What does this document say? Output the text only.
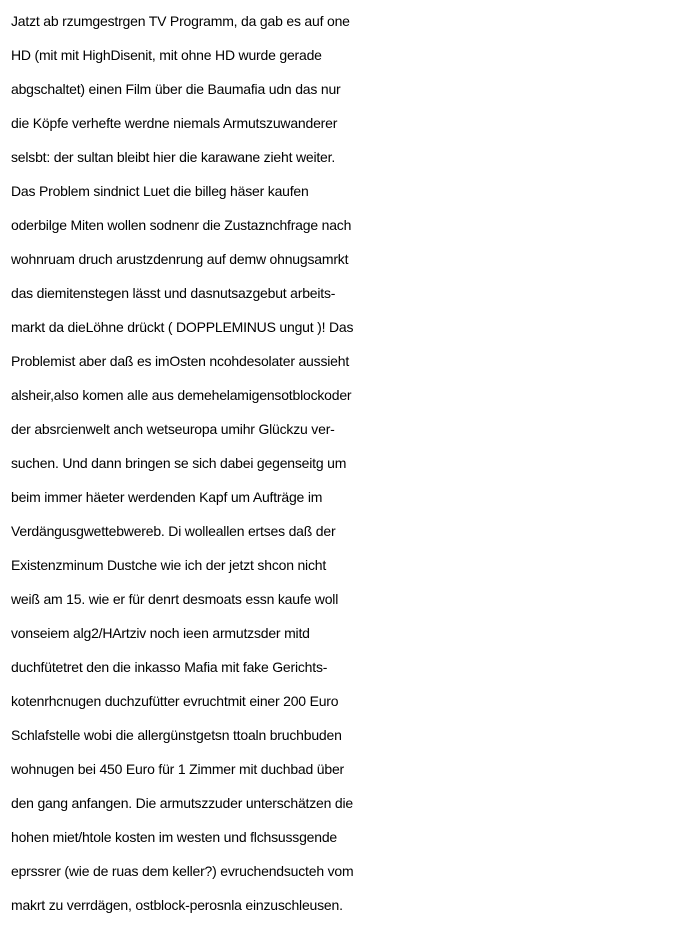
Jatzt ab rzumgestrgen TV Programm, da gab es auf one
HD (mit mit HighDisenit, mit ohne HD wurde gerade
abgschaltet) einen Film über die Baumafia udn das nur
die Köpfe verhefte werdne niemals Armutszuwanderer
selsbt: der sultan bleibt hier die karawane zieht weiter.
Das Problem sindnict Luet die billeg häser kaufen
oderbilge Miten wollen sodnenr die Zustaznchfrage nach
wohnruam druch arustzdenrung auf demw ohnugsamrkt
das diemitenstegen lässt und dasnutsazgebut arbeits-
markt da dieLöhne drückt ( DOPPLEMINUS ungut )! Das
Problemist aber daß es imOsten ncohdesolater aussieht
alsheir,also komen alle aus demehelamigensotblockoder
der absrcienwelt anch wetseuropa umihr Glückzu ver-
suchen. Und dann bringen se sich dabei gegenseitg um
beim immer häeter werdenden Kapf um Aufträge im
Verdängusgwettebwereb. Di wolleallen ertses daß der
Existenzminum Dustche wie ich der jetzt shcon nicht
weiß am 15. wie er für denrt desmoats essn kaufe woll
vonseiem alg2/HArtziv noch ieen armutzsder mitd
duchfütetret den die inkasso Mafia mit fake Gerichts-
kotenrhcnugen duchzufütter evruchtmit einer 200 Euro
Schlafstelle wobi die allergünstgetsn ttoaln bruchbuden
wohnugen bei 450 Euro für 1 Zimmer mit duchbad über
den gang anfangen. Die armutszzuder unterschätzen die
hohen miet/htole kosten im westen und flchsussgende
eprssrer (wie de ruas dem keller?) evruchendsucteh vom
makrt zu verrdägen, ostblock-perosnla einzuschleusen.
